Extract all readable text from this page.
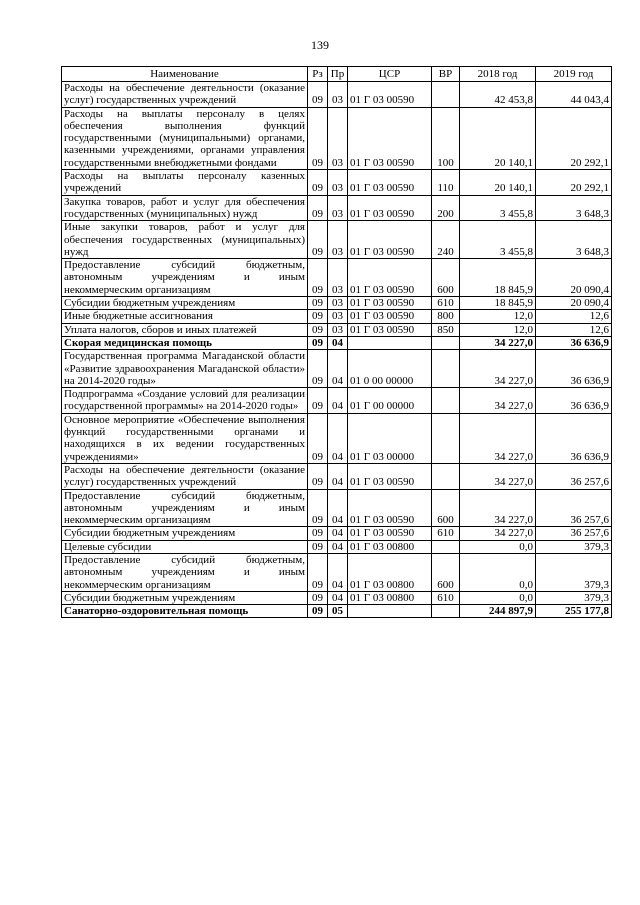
139
Наименование	Рз	Пр	ЦСР	ВР	2018 год	2019 год
Расходы на обеспечение деятельности (оказание услуг) государственных учреждений	09	03	01 Г 03 00590		42 453,8	44 043,4
Расходы на выплаты персоналу в целях обеспечения выполнения функций государственными (муниципальными) органами, казенными учреждениями, органами управления государственными внебюджетными фондами	09	03	01 Г 03 00590	100	20 140,1	20 292,1
Расходы на выплаты персоналу казенных учреждений	09	03	01 Г 03 00590	110	20 140,1	20 292,1
Закупка товаров, работ и услуг для обеспечения государственных (муниципальных) нужд	09	03	01 Г 03 00590	200	3 455,8	3 648,3
Иные закупки товаров, работ и услуг для обеспечения государственных (муниципальных) нужд	09	03	01 Г 03 00590	240	3 455,8	3 648,3
Предоставление субсидий бюджетным, автономным учреждениям и иным некоммерческим организациям	09	03	01 Г 03 00590	600	18 845,9	20 090,4
Субсидии бюджетным учреждениям	09	03	01 Г 03 00590	610	18 845,9	20 090,4
Иные бюджетные ассигнования	09	03	01 Г 03 00590	800	12,0	12,6
Уплата налогов, сборов и иных платежей	09	03	01 Г 03 00590	850	12,0	12,6
Скорая медицинская помощь	09	04			34 227,0	36 636,9
Государственная программа Магаданской области «Развитие здравоохранения Магаданской области» на 2014-2020 годы»	09	04	01 0 00 00000		34 227,0	36 636,9
Подпрограмма «Создание условий для реализации государственной программы» на 2014-2020 годы»	09	04	01 Г 00 00000		34 227,0	36 636,9
Основное мероприятие «Обеспечение выполнения функций государственными органами и находящихся в их ведении государственных учреждениями»	09	04	01 Г 03 00000		34 227,0	36 636,9
Расходы на обеспечение деятельности (оказание услуг) государственных учреждений	09	04	01 Г 03 00590		34 227,0	36 257,6
Предоставление субсидий бюджетным, автономным учреждениям и иным некоммерческим организациям	09	04	01 Г 03 00590	600	34 227,0	36 257,6
Субсидии бюджетным учреждениям	09	04	01 Г 03 00590	610	34 227,0	36 257,6
Целевые субсидии	09	04	01 Г 03 00800		0,0	379,3
Предоставление субсидий бюджетным, автономным учреждениям и иным некоммерческим организациям	09	04	01 Г 03 00800	600	0,0	379,3
Субсидии бюджетным учреждениям	09	04	01 Г 03 00800	610	0,0	379,3
Санаторно-оздоровительная помощь	09	05			244 897,9	255 177,8
